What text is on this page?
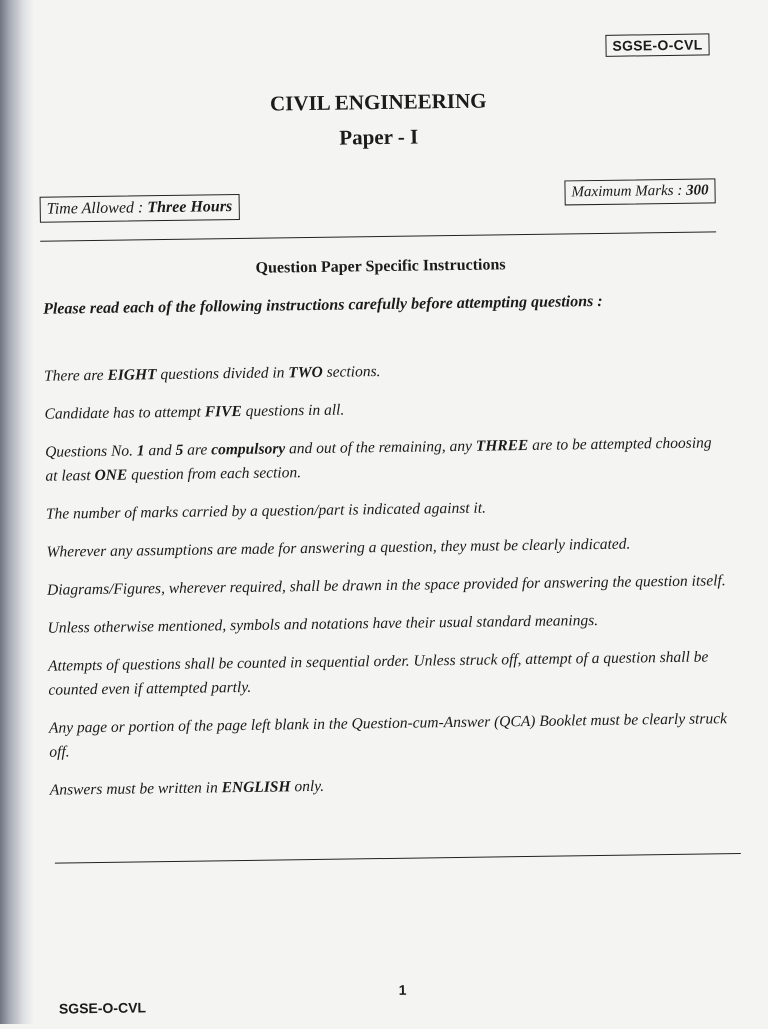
SGSE-O-CVL
CIVIL ENGINEERING
Paper - I
Time Allowed : Three Hours
Maximum Marks : 300
Question Paper Specific Instructions
Please read each of the following instructions carefully before attempting questions :
There are EIGHT questions divided in TWO sections.
Candidate has to attempt FIVE questions in all.
Questions No. 1 and 5 are compulsory and out of the remaining, any THREE are to be attempted choosing at least ONE question from each section.
The number of marks carried by a question/part is indicated against it.
Wherever any assumptions are made for answering a question, they must be clearly indicated.
Diagrams/Figures, wherever required, shall be drawn in the space provided for answering the question itself.
Unless otherwise mentioned, symbols and notations have their usual standard meanings.
Attempts of questions shall be counted in sequential order. Unless struck off, attempt of a question shall be counted even if attempted partly.
Any page or portion of the page left blank in the Question-cum-Answer (QCA) Booklet must be clearly struck off.
Answers must be written in ENGLISH only.
1
SGSE-O-CVL
